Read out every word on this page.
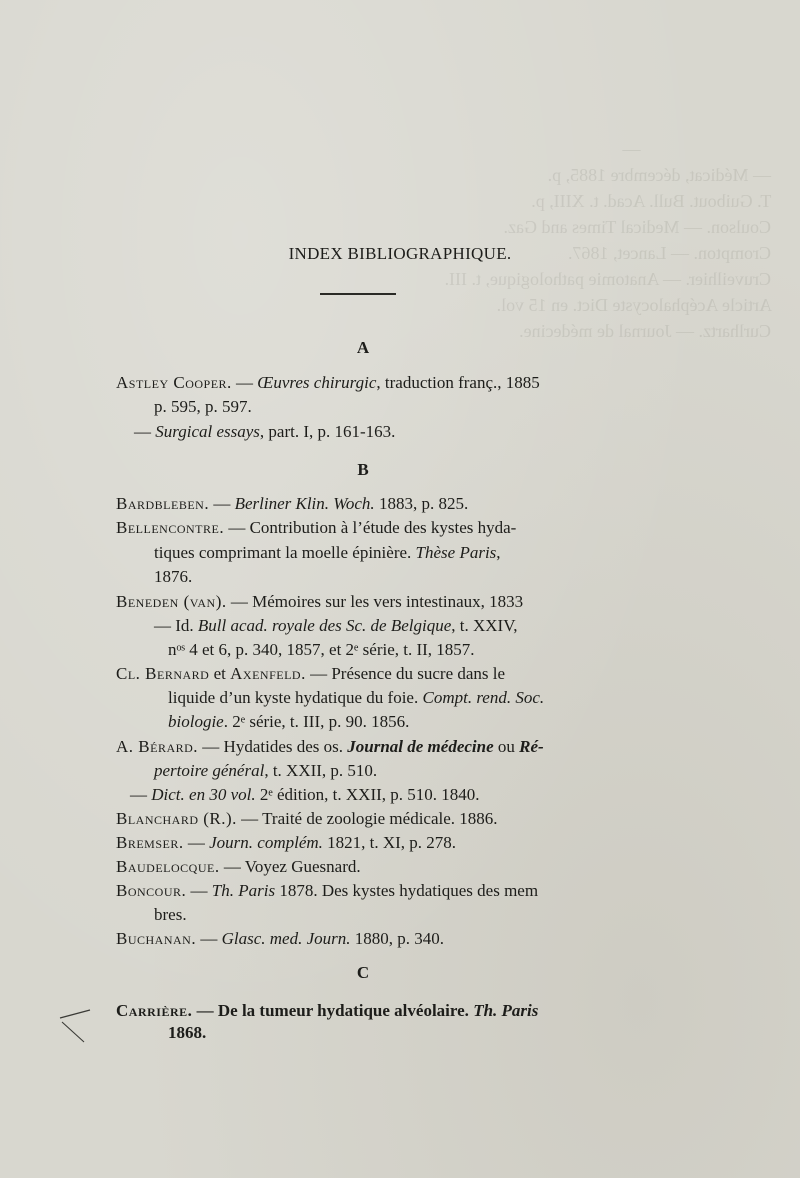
—
— Médicat, décembre 1885, p.
T. Guibout. Bull. Acad. t. XIII, p.
Coulson. — Medical Times and Gaz.
Crompton. — Lancet, 1867.
Cruveilhier. — Anatomie pathologique, t. III.
Article Acéphalocyste Dict. en 15 vol.
Curlhartz. — Journal de médecine.

INDEX BIBLIOGRAPHIQUE.
A
Astley Cooper. — Œuvres chirurgic, traduction franç., 1885
p. 595, p. 597.
— Surgical essays, part. I, p. 161-163.
B
Bardbleben. — Berliner Klin. Woch. 1883, p. 825.
Bellencontre. — Contribution à l’étude des kystes hyda-
tiques comprimant la moelle épinière. Thèse Paris,
1876.
Beneden (van). — Mémoires sur les vers intestinaux, 1833
— Id. Bull acad. royale des Sc. de Belgique, t. XXIV,
nᵒˢ 4 et 6, p. 340, 1857, et 2ᵉ série, t. II, 1857.
Cl. Bernard et Axenfeld. — Présence du sucre dans le
liquide d’un kyste hydatique du foie. Compt. rend. Soc.
biologie. 2ᵉ série, t. III, p. 90. 1856.
A. Bérard. — Hydatides des os. Journal de médecine ou Ré-
pertoire général, t. XXII, p. 510.
— Dict. en 30 vol. 2ᵉ édition, t. XXII, p. 510. 1840.
Blanchard (R.). — Traité de zoologie médicale. 1886.
Bremser. — Journ. complém. 1821, t. XI, p. 278.
Baudelocque. — Voyez Guesnard.
Boncour. — Th. Paris 1878. Des kystes hydatiques des mem
bres.
Buchanan. — Glasc. med. Journ. 1880, p. 340.
C
Carrière. — De la tumeur hydatique alvéolaire. Th. Paris
1868.
